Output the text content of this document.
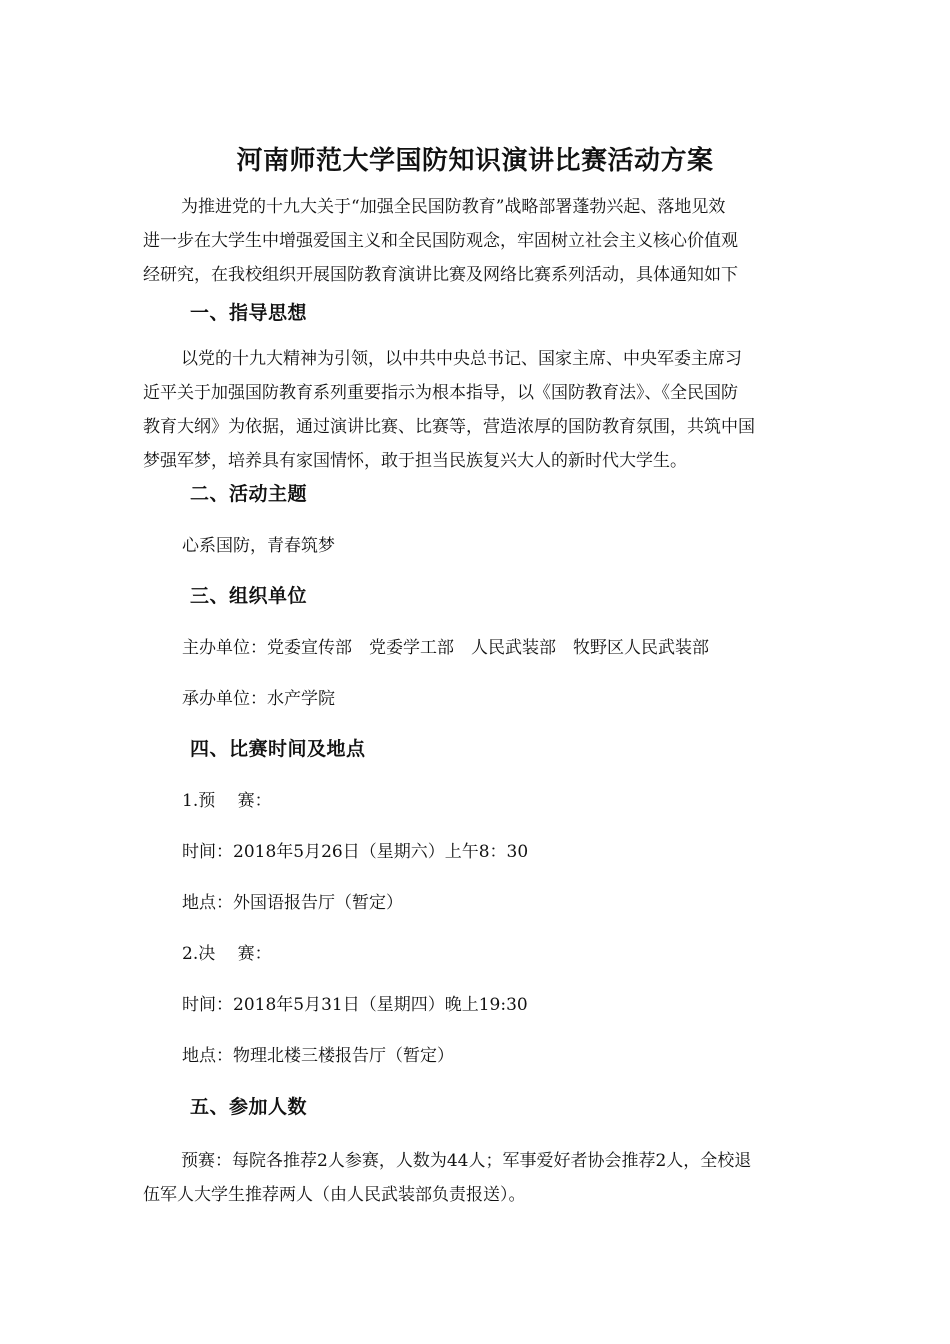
河南师范大学国防知识演讲比赛活动方案
为推进党的十九大关于“加强全民国防教育”战略部署蓬勃兴起、落地见效
进一步在大学生中增强爱国主义和全民国防观念，牢固树立社会主义核心价值观
经研究，在我校组织开展国防教育演讲比赛及网络比赛系列活动，具体通知如下
一、指导思想
以党的十九大精神为引领，以中共中央总书记、国家主席、中央军委主席习
近平关于加强国防教育系列重要指示为根本指导，以《国防教育法》、《全民国防
教育大纲》为依据，通过演讲比赛、比赛等，营造浓厚的国防教育氛围，共筑中国
梦强军梦，培养具有家国情怀，敢于担当民族复兴大人的新时代大学生。
二、活动主题
心系国防，青春筑梦
三、组织单位
主办单位：党委宣传部　党委学工部　人民武装部　牧野区人民武装部
承办单位：水产学院
四、比赛时间及地点
1.预　 赛：
时间：2018年5月26日（星期六）上午8：30
地点：外国语报告厅（暂定）
2.决　 赛：
时间：2018年5月31日（星期四）晚上19:30
地点：物理北楼三楼报告厅（暂定）
五、参加人数
预赛：每院各推荐2人参赛，人数为44人；军事爱好者协会推荐2人，全校退
伍军人大学生推荐两人（由人民武装部负责报送）。
